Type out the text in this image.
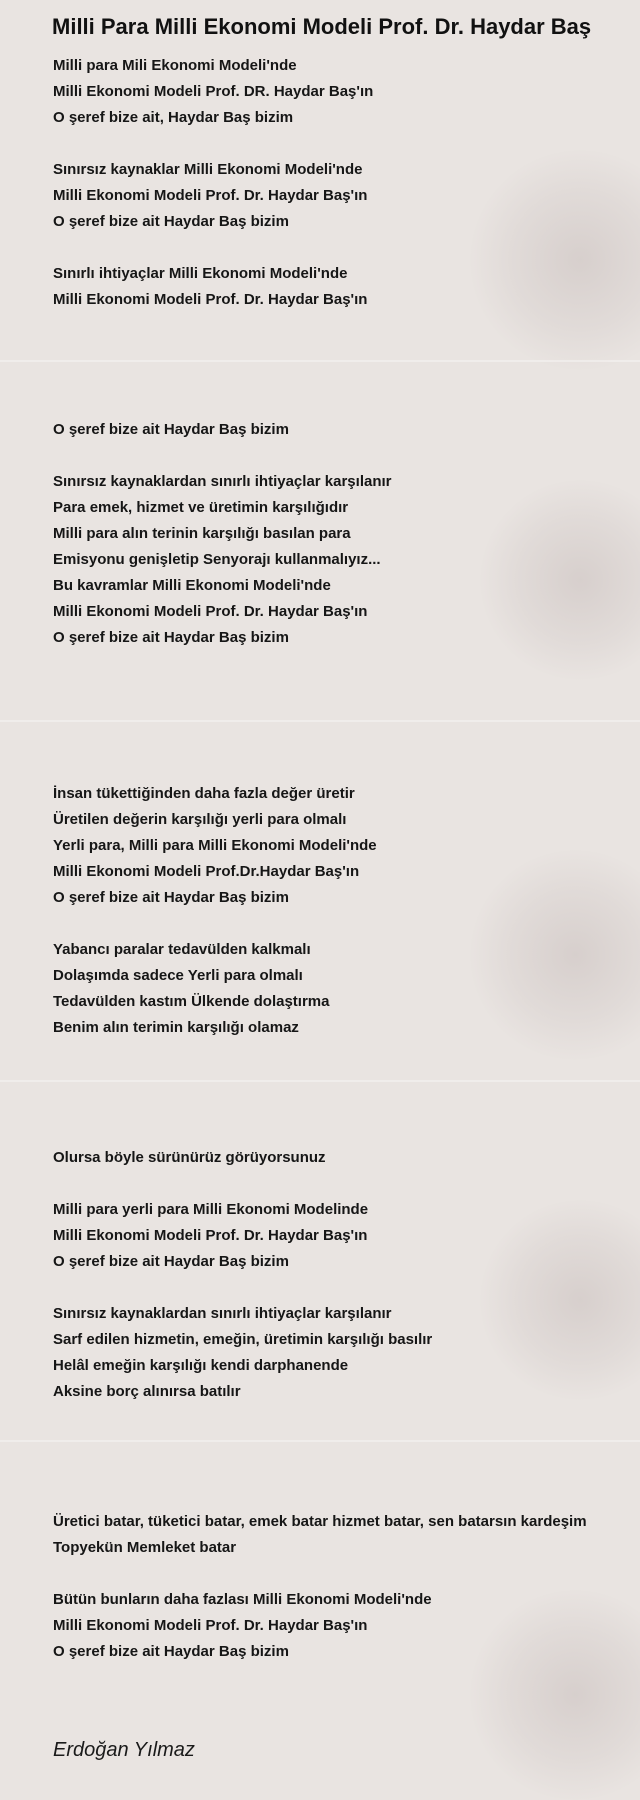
Milli Para Milli Ekonomi Modeli Prof. Dr. Haydar Baş
Milli para Mili Ekonomi Modeli'nde
Milli Ekonomi Modeli Prof. DR. Haydar Baş'ın
O şeref bize ait, Haydar Baş bizim

Sınırsız kaynaklar Milli Ekonomi Modeli'nde
Milli Ekonomi Modeli Prof. Dr. Haydar Baş'ın
O şeref bize ait Haydar Baş bizim

Sınırlı ihtiyaçlar Milli Ekonomi Modeli'nde
Milli Ekonomi Modeli Prof. Dr. Haydar Baş'ın

O şeref bize ait Haydar Baş bizim

Sınırsız kaynaklardan sınırlı ihtiyaçlar karşılanır
Para emek, hizmet ve üretimin karşılığıdır
Milli para alın terinin karşılığı basılan para
Emisyonu genişletip Senyorajı kullanmalıyız...
Bu kavramlar Milli Ekonomi Modeli'nde
Milli Ekonomi Modeli Prof. Dr. Haydar Baş'ın
O şeref bize ait Haydar Baş bizim

İnsan tükettiğinden daha fazla değer üretir
Üretilen değerin karşılığı yerli para olmalı
Yerli para, Milli para Milli Ekonomi Modeli'nde
Milli Ekonomi Modeli Prof.Dr.Haydar Baş'ın
O şeref bize ait Haydar Baş bizim

Yabancı paralar tedavülden kalkmalı
Dolaşımda sadece Yerli para olmalı
Tedavülden kastım Ülkende dolaştırma
Benim alın terimin karşılığı olamaz

Olursa böyle sürünürüz görüyorsunuz

Milli para yerli para Milli Ekonomi Modelinde
Milli Ekonomi Modeli Prof. Dr. Haydar Baş'ın
O şeref bize ait Haydar Baş bizim

Sınırsız kaynaklardan sınırlı ihtiyaçlar karşılanır
Sarf edilen hizmetin, emeğin, üretimin karşılığı basılır
Helâl emeğin karşılığı kendi darphanende
Aksine borç alınırsa batılır

Üretici batar, tüketici batar, emek batar hizmet batar, sen batarsın kardeşim
Topyekün Memleket batar

Bütün bunların daha fazlası Milli Ekonomi Modeli'nde
Milli Ekonomi Modeli Prof. Dr. Haydar Baş'ın
O şeref bize ait Haydar Baş bizim
Erdoğan Yılmaz
